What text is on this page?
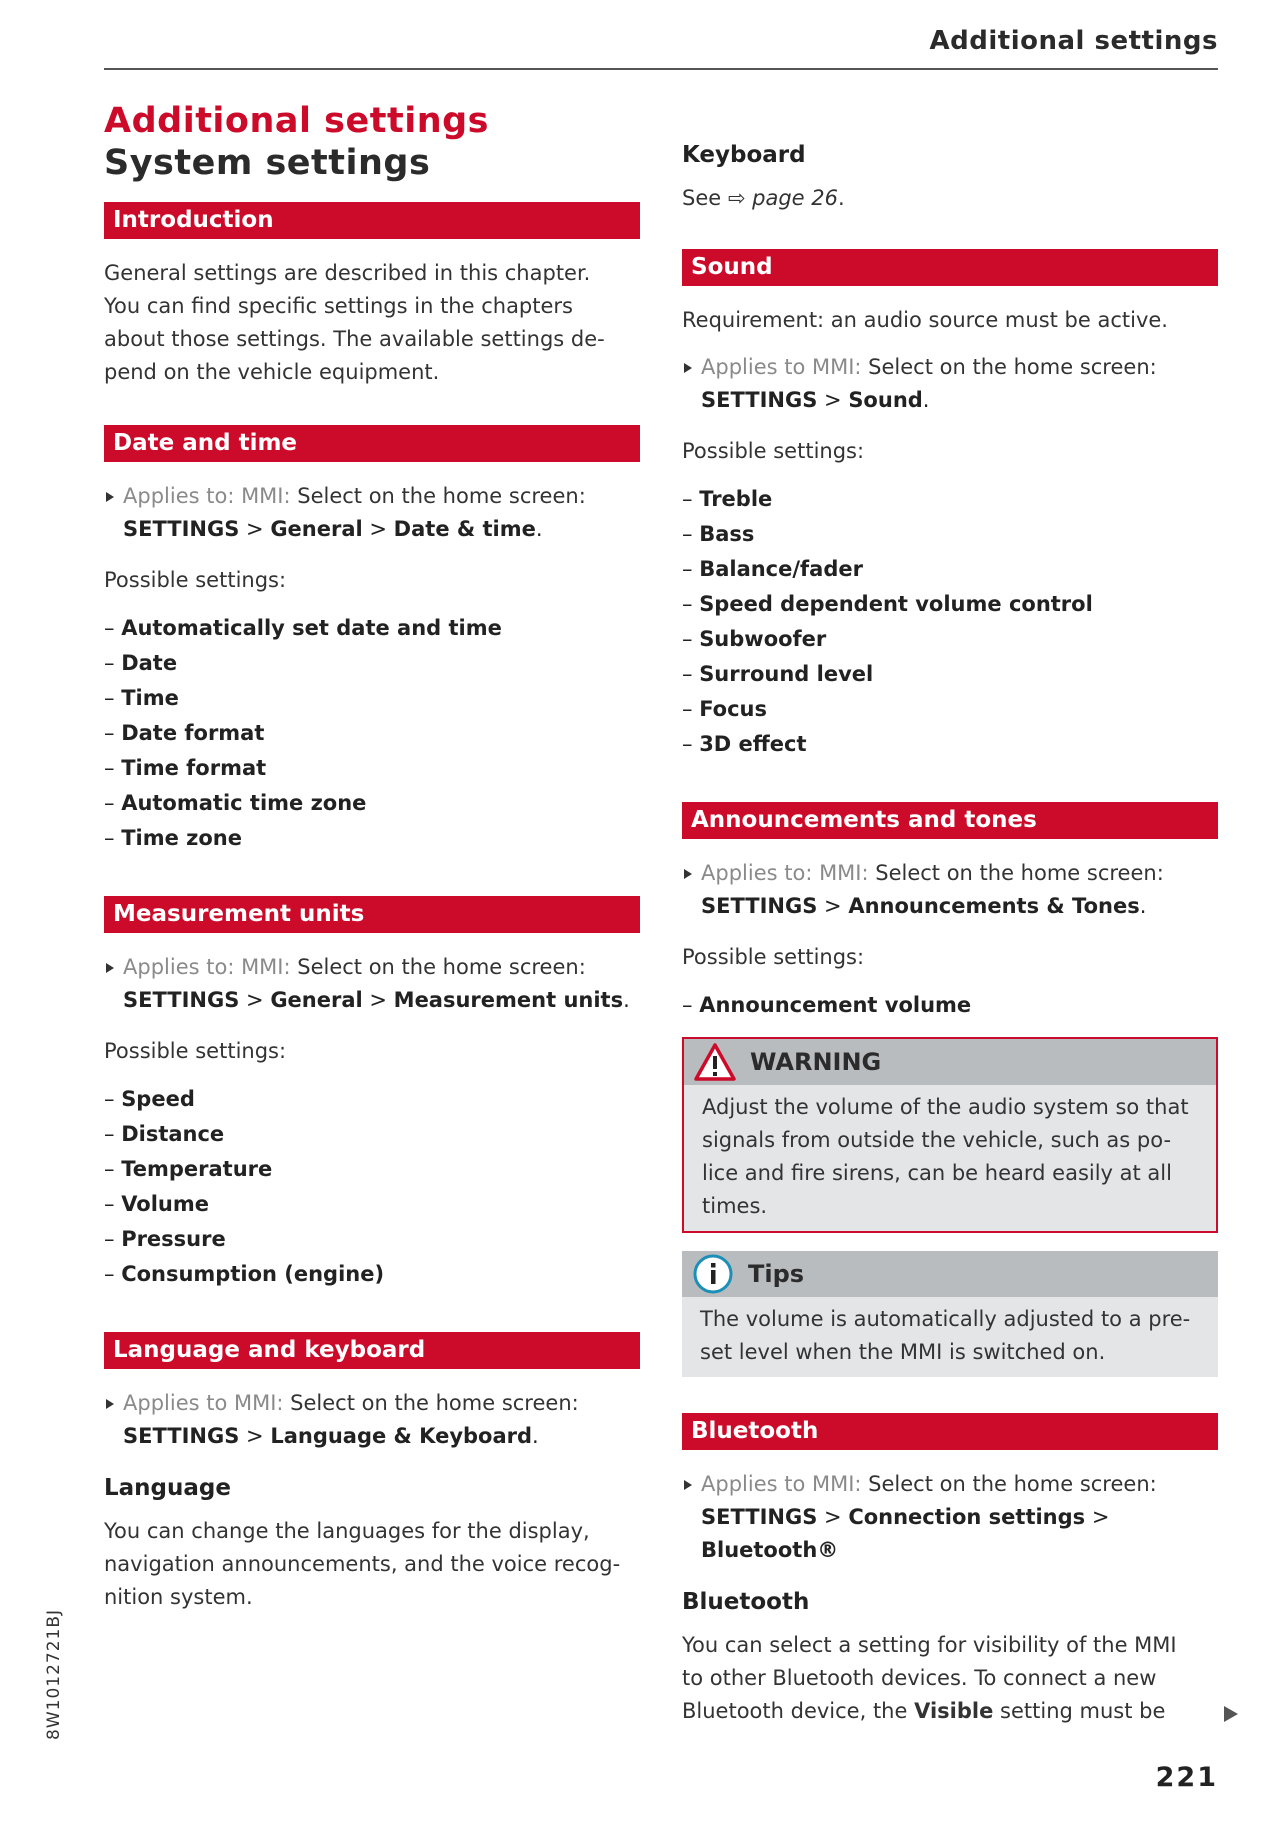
Additional settings
Additional settings
System settings
Introduction

General settings are described in this chapter.

You can find specific settings in the chapters

about those settings. The available settings de-

pend on the vehicle equipment.

Date and time

Applies to: MMI: Select on the home screen:

SETTINGS > General > Date & time.

Possible settings:

– Automatically set date and time
– Date
– Time
– Date format
– Time format
– Automatic time zone
– Time zone
Measurement units

Applies to: MMI: Select on the home screen:

SETTINGS > General > Measurement units.

Possible settings:

– Speed
– Distance
– Temperature
– Volume
– Pressure
– Consumption (engine)
Language and keyboard

Applies to MMI: Select on the home screen:

SETTINGS > Language & Keyboard.

Language

You can change the languages for the display,

navigation announcements, and the voice recog-

nition system.

Keyboard

See ⇨ page 26.

Sound

Requirement: an audio source must be active.

Applies to MMI: Select on the home screen:

SETTINGS > Sound.

Possible settings:

– Treble
– Bass
– Balance/fader
– Speed dependent volume control
– Subwoofer
– Surround level
– Focus
– 3D effect
Announcements and tones

Applies to: MMI: Select on the home screen:

SETTINGS > Announcements & Tones.

Possible settings:

– Announcement volume
WARNING

Adjust the volume of the audio system so that

signals from outside the vehicle, such as po-

lice and fire sirens, can be heard easily at all

times.

Tips

The volume is automatically adjusted to a pre-

set level when the MMI is switched on.

Bluetooth

Applies to MMI: Select on the home screen:

SETTINGS > Connection settings > Bluetooth®

Bluetooth

You can select a setting for visibility of the MMI

to other Bluetooth devices. To connect a new

Bluetooth device, the Visible setting must be

221
8W1012721BJ
